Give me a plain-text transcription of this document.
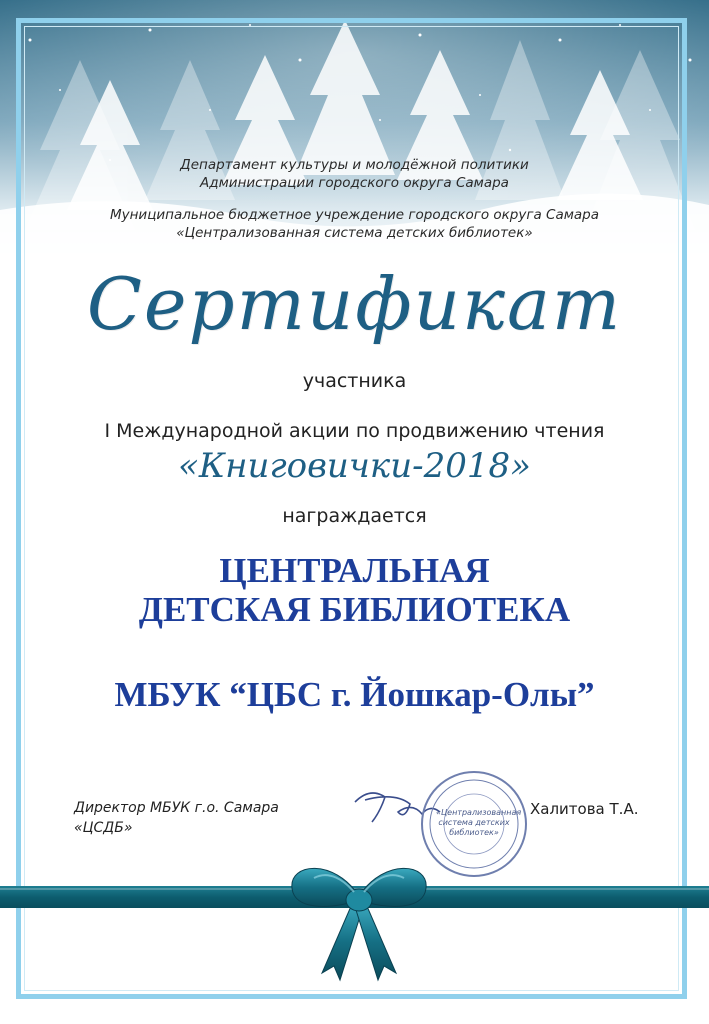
Департамент культуры и молодёжной политики
Администрации городского округа Самара
Муниципальное бюджетное учреждение городского округа Самара
«Централизованная система детских библиотек»
Сертификат
участника
I Международной акции по продвижению чтения
«Книговички-2018»
награждается
ЦЕНТРАЛЬНАЯ
ДЕТСКАЯ БИБЛИОТЕКА
МБУК “ЦБС г. Йошкар-Олы”
Директор МБУК г.о. Самара
«ЦСДБ»
«Централизованная система детских библиотек»
Халитова Т.А.
